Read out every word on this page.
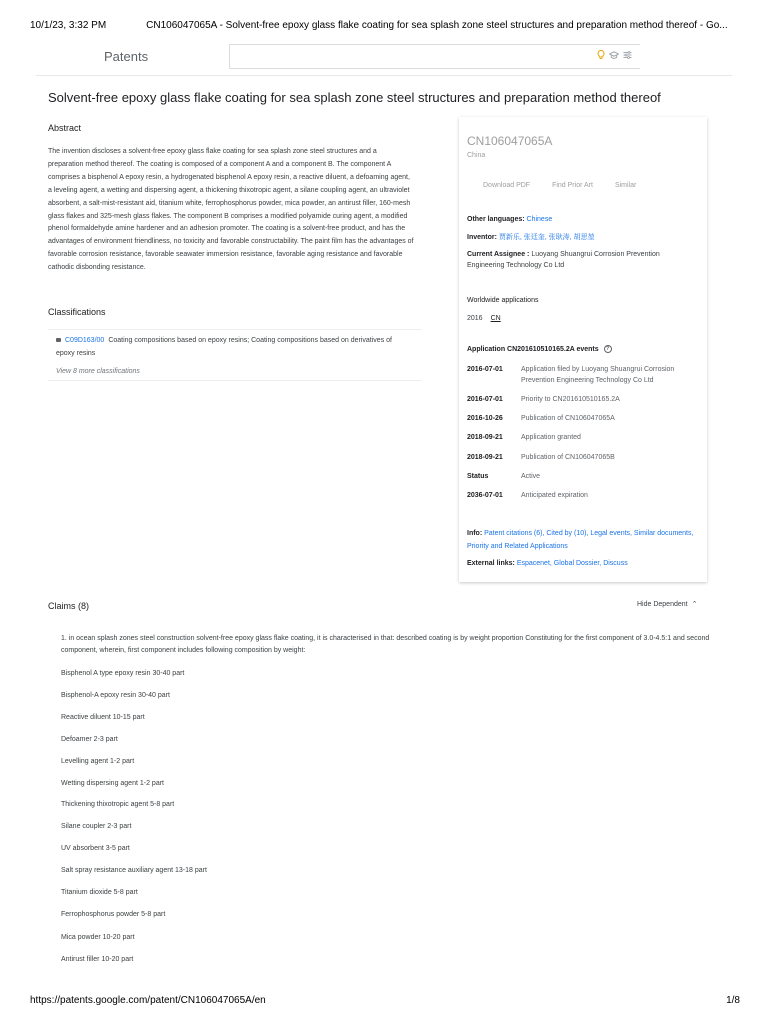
10/1/23, 3:32 PM	CN106047065A - Solvent-free epoxy glass flake coating for sea splash zone steel structures and preparation method thereof - Go...
Patents
Solvent-free epoxy glass flake coating for sea splash zone steel structures and preparation method thereof
Abstract
The invention discloses a solvent-free epoxy glass flake coating for sea splash zone steel structures and a preparation method thereof. The coating is composed of a component A and a component B. The component A comprises a bisphenol A epoxy resin, a hydrogenated bisphenol A epoxy resin, a reactive diluent, a defoaming agent, a leveling agent, a wetting and dispersing agent, a thickening thixotropic agent, a silane coupling agent, an ultraviolet absorbent, a salt-mist-resistant aid, titanium white, ferrophosphorus powder, mica powder, an antirust filler, 160-mesh glass flakes and 325-mesh glass flakes. The component B comprises a modified polyamide curing agent, a modified phenol formaldehyde amine hardener and an adhesion promoter. The coating is a solvent-free product, and has the advantages of environment friendliness, no toxicity and favorable constructability. The paint film has the advantages of favorable corrosion resistance, favorable seawater immersion resistance, favorable aging resistance and favorable cathodic disbonding resistance.
Classifications
C09D163/00 Coating compositions based on epoxy resins; Coating compositions based on derivatives of epoxy resins
View 8 more classifications
CN106047065A
China
Download PDF	Find Prior Art	Similar
Other languages: Chinese
Inventor: 贾新乐, 张廷奎, 张耿涛, 胡思堃
Current Assignee : Luoyang Shuangrui Corrosion Prevention Engineering Technology Co Ltd
Worldwide applications
2016 CN
Application CN201610510165.2A events	?
2016-07-01	Application filed by Luoyang Shuangrui Corrosion Prevention Engineering Technology Co Ltd
2016-07-01	Priority to CN201610510165.2A
2016-10-26	Publication of CN106047065A
2018-09-21	Application granted
2018-09-21	Publication of CN106047065B
Status	Active
2036-07-01	Anticipated expiration
Info: Patent citations (6), Cited by (10), Legal events, Similar documents, Priority and Related Applications
External links: Espacenet, Global Dossier, Discuss
Claims (8)	Hide Dependent ⌃
1. in ocean splash zones steel construction solvent-free epoxy glass flake coating, it is characterised in that: described coating is by weight proportion Constituting for the first component of 3.0-4.5:1 and second component, wherein, first component includes following composition by weight:
Bisphenol A type epoxy resin 30-40 part
Bisphenol-A epoxy resin 30-40 part
Reactive diluent 10-15 part
Defoamer 2-3 part
Levelling agent 1-2 part
Wetting dispersing agent 1-2 part
Thickening thixotropic agent 5-8 part
Silane coupler 2-3 part
UV absorbent 3-5 part
Salt spray resistance auxiliary agent 13-18 part
Titanium dioxide 5-8 part
Ferrophosphorus powder 5-8 part
Mica powder 10-20 part
Antirust filler 10-20 part
https://patents.google.com/patent/CN106047065A/en	1/8
